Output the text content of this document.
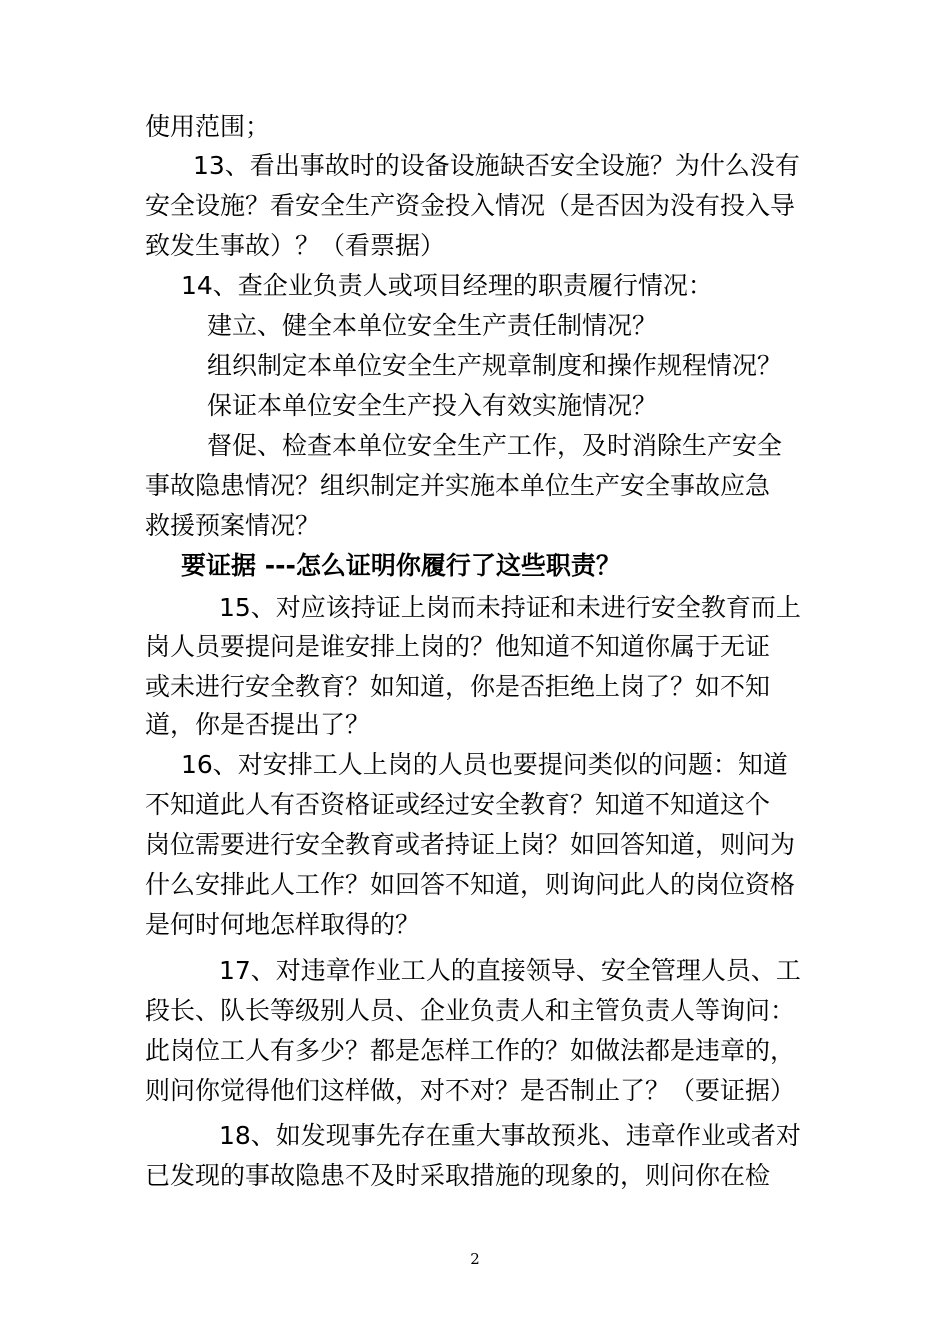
使用范围；
13、看出事故时的设备设施缺否安全设施？为什么没有
安全设施？看安全生产资金投入情况（是否因为没有投入导
致发生事故）？（看票据）
14、查企业负责人或项目经理的职责履行情况：
建立、健全本单位安全生产责任制情况？
组织制定本单位安全生产规章制度和操作规程情况？
保证本单位安全生产投入有效实施情况？
督促、检查本单位安全生产工作，及时消除生产安全
事故隐患情况？组织制定并实施本单位生产安全事故应急
救援预案情况？
要证据 ---怎么证明你履行了这些职责？
15、对应该持证上岗而未持证和未进行安全教育而上
岗人员要提问是谁安排上岗的？他知道不知道你属于无证
或未进行安全教育？如知道，你是否拒绝上岗了？如不知
道，你是否提出了？
16、对安排工人上岗的人员也要提问类似的问题：知道
不知道此人有否资格证或经过安全教育？知道不知道这个
岗位需要进行安全教育或者持证上岗？如回答知道，则问为
什么安排此人工作？如回答不知道，则询问此人的岗位资格
是何时何地怎样取得的？
17、对违章作业工人的直接领导、安全管理人员、工
段长、队长等级别人员、企业负责人和主管负责人等询问：
此岗位工人有多少？都是怎样工作的？如做法都是违章的，
则问你觉得他们这样做，对不对？是否制止了？（要证据）
18、如发现事先存在重大事故预兆、违章作业或者对
已发现的事故隐患不及时采取措施的现象的，则问你在检
2
